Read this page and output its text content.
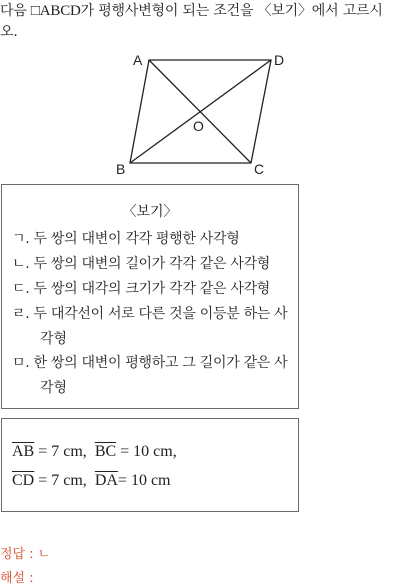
다음 □ABCD가 평행사변형이 되는 조건을 〈보기〉에서 고르시오.
A	D
B	C
O
〈보기〉
ㄱ. 두 쌍의 대변이 각각 평행한 사각형
ㄴ. 두 쌍의 대변의 길이가 각각 같은 사각형
ㄷ. 두 쌍의 대각의 크기가 각각 같은 사각형
ㄹ. 두 대각선이 서로 다른 것을 이등분 하는 사
각형
ㅁ. 한 쌍의 대변이 평행하고 그 길이가 같은 사
각형
$\overline{AB} = 7$ cm, $\overline{BC} = 10$ cm,
$\overline{CD} = 7$ cm, $\overline{DA}= 10$ cm
정답 : ㄴ
해설 :
